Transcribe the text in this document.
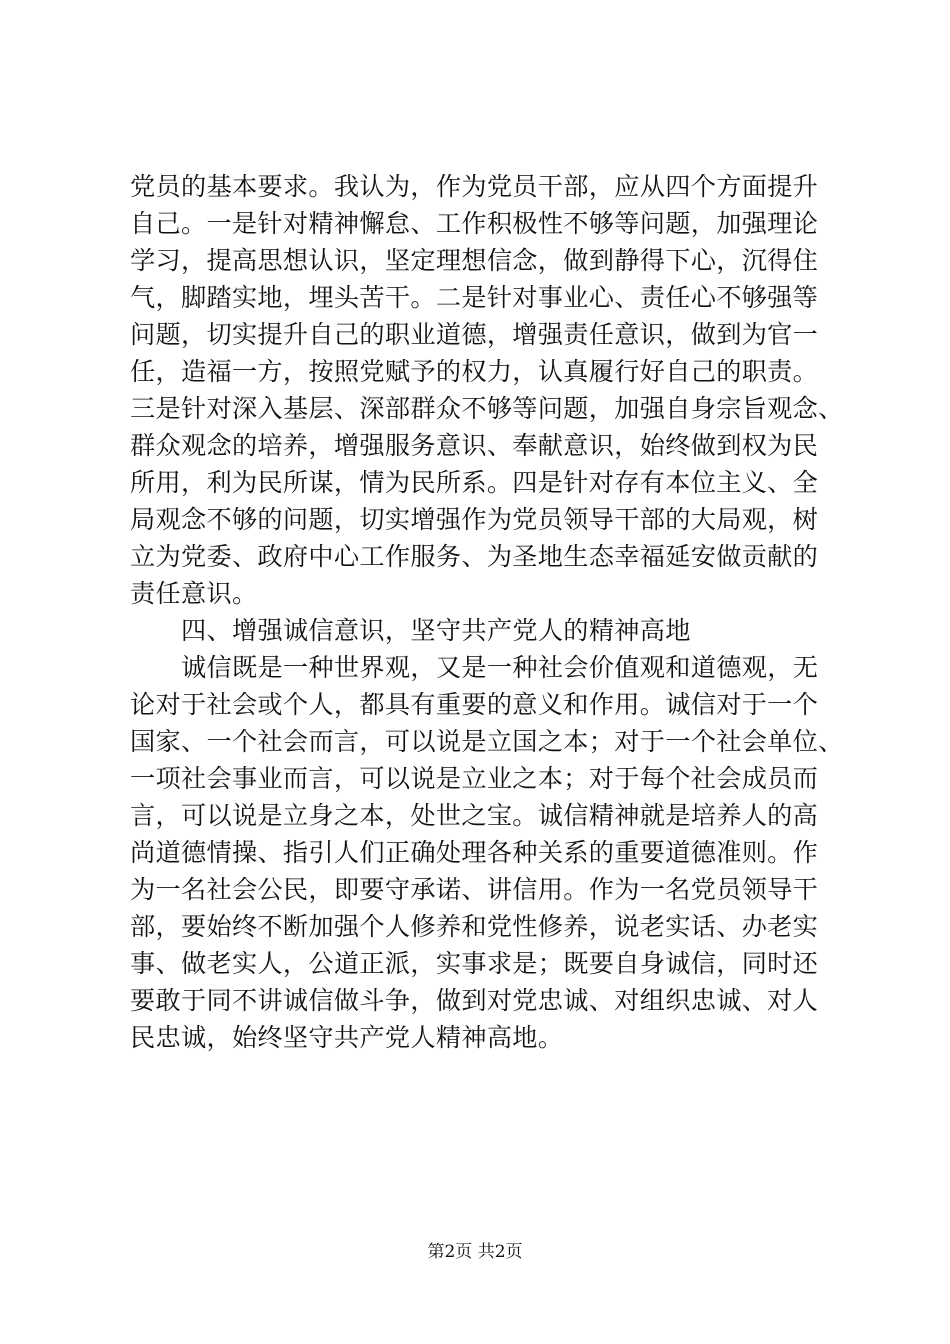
党员的基本要求。我认为，作为党员干部，应从四个方面提升
自己。一是针对精神懈怠、工作积极性不够等问题，加强理论
学习，提高思想认识，坚定理想信念，做到静得下心，沉得住
气，脚踏实地，埋头苦干。二是针对事业心、责任心不够强等
问题，切实提升自己的职业道德，增强责任意识，做到为官一
任，造福一方，按照党赋予的权力，认真履行好自己的职责。
三是针对深入基层、深部群众不够等问题，加强自身宗旨观念、
群众观念的培养，增强服务意识、奉献意识，始终做到权为民
所用，利为民所谋，情为民所系。四是针对存有本位主义、全
局观念不够的问题，切实增强作为党员领导干部的大局观，树
立为党委、政府中心工作服务、为圣地生态幸福延安做贡献的
责任意识。
四、增强诚信意识，坚守共产党人的精神高地
诚信既是一种世界观，又是一种社会价值观和道德观，无
论对于社会或个人，都具有重要的意义和作用。诚信对于一个
国家、一个社会而言，可以说是立国之本；对于一个社会单位、
一项社会事业而言，可以说是立业之本；对于每个社会成员而
言，可以说是立身之本，处世之宝。诚信精神就是培养人的高
尚道德情操、指引人们正确处理各种关系的重要道德准则。作
为一名社会公民，即要守承诺、讲信用。作为一名党员领导干
部，要始终不断加强个人修养和党性修养，说老实话、办老实
事、做老实人，公道正派，实事求是；既要自身诚信，同时还
要敢于同不讲诚信做斗争，做到对党忠诚、对组织忠诚、对人
民忠诚，始终坚守共产党人精神高地。
第2页 共2页
